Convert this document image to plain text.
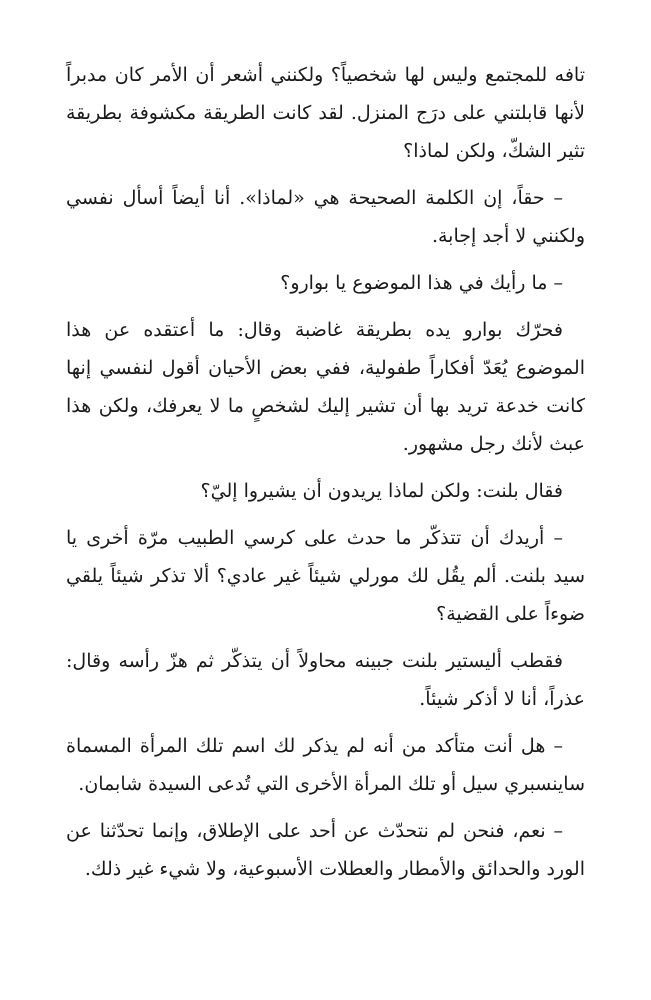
تافه للمجتمع وليس لها شخصياً؟ ولكنني أشعر أن الأمر كان مدبراً لأنها قابلتني على درَج المنزل. لقد كانت الطريقة مكشوفة بطريقة تثير الشكّ، ولكن لماذا؟

– حقاً، إن الكلمة الصحيحة هي «لماذا». أنا أيضاً أسأل نفسي ولكنني لا أجد إجابة.

– ما رأيك في هذا الموضوع يا بوارو؟

فحرّك بوارو يده بطريقة غاضبة وقال: ما أعتقده عن هذا الموضوع يُعَدّ أفكاراً طفولية، ففي بعض الأحيان أقول لنفسي إنها كانت خدعة تريد بها أن تشير إليك لشخصٍ ما لا يعرفك، ولكن هذا عبث لأنك رجل مشهور.

فقال بلنت: ولكن لماذا يريدون أن يشيروا إليّ؟

– أريدك أن تتذكّر ما حدث على كرسي الطبيب مرّة أخرى يا سيد بلنت. ألم يقُل لك مورلي شيئاً غير عادي؟ ألا تذكر شيئاً يلقي ضوءاً على القضية؟

فقطب أليستير بلنت جبينه محاولاً أن يتذكّر ثم هزّ رأسه وقال: عذراً، أنا لا أذكر شيئاً.

– هل أنت متأكد من أنه لم يذكر لك اسم تلك المرأة المسماة ساينسبري سيل أو تلك المرأة الأخرى التي تُدعى السيدة شابمان.

– نعم، فنحن لم نتحدّث عن أحد على الإطلاق، وإنما تحدّثنا عن الورد والحدائق والأمطار والعطلات الأسبوعية، ولا شيء غير ذلك.
